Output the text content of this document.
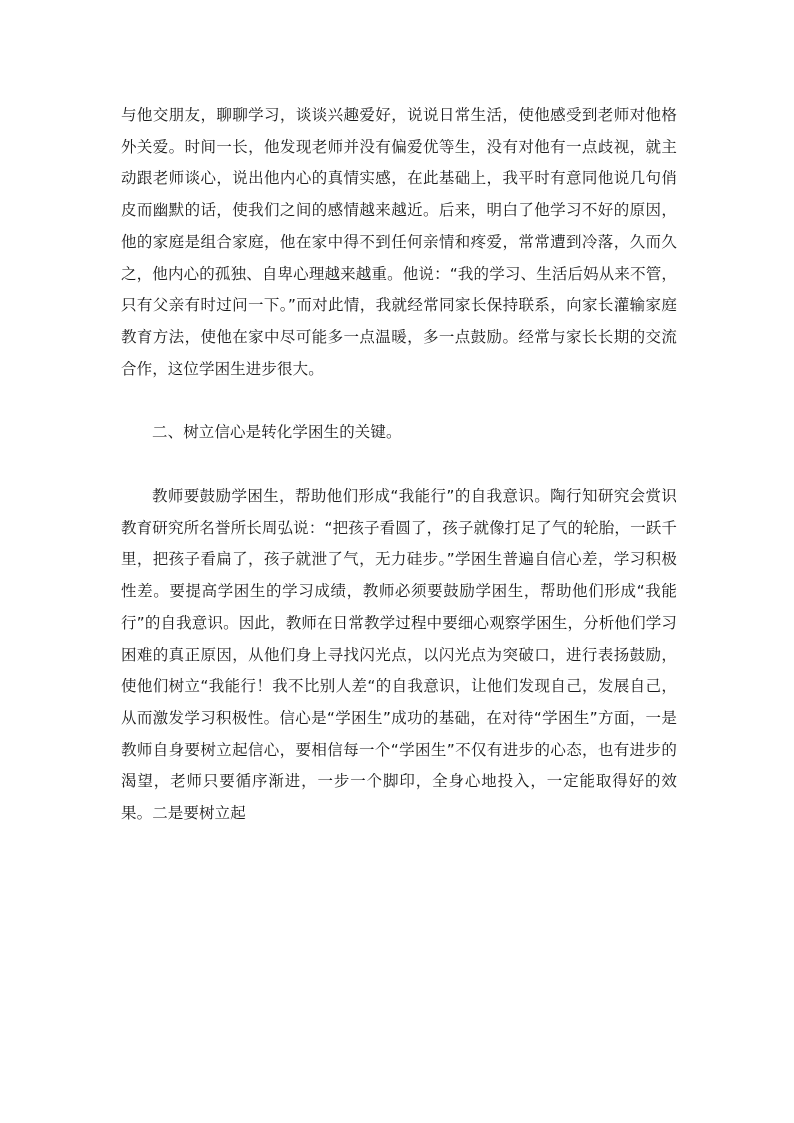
与他交朋友，聊聊学习，谈谈兴趣爱好，说说日常生活，使他感受到老师对他格外关爱。时间一长，他发现老师并没有偏爱优等生，没有对他有一点歧视，就主动跟老师谈心，说出他内心的真情实感，在此基础上，我平时有意同他说几句俏皮而幽默的话，使我们之间的感情越来越近。后来，明白了他学习不好的原因，他的家庭是组合家庭，他在家中得不到任何亲情和疼爱，常常遭到冷落，久而久之，他内心的孤独、自卑心理越来越重。他说：“我的学习、生活后妈从来不管，只有父亲有时过问一下。”而对此情，我就经常同家长保持联系，向家长灌输家庭教育方法，使他在家中尽可能多一点温暖，多一点鼓励。经常与家长长期的交流合作，这位学困生进步很大。

二、树立信心是转化学困生的关键。

教师要鼓励学困生，帮助他们形成“我能行”的自我意识。陶行知研究会赏识教育研究所名誉所长周弘说：“把孩子看圆了，孩子就像打足了气的轮胎，一跃千里，把孩子看扁了，孩子就泄了气，无力硅步。”学困生普遍自信心差，学习积极性差。要提高学困生的学习成绩，教师必须要鼓励学困生，帮助他们形成“我能行”的自我意识。因此，教师在日常教学过程中要细心观察学困生，分析他们学习困难的真正原因，从他们身上寻找闪光点，以闪光点为突破口，进行表扬鼓励，使他们树立“我能行！我不比别人差“的自我意识，让他们发现自己，发展自己，从而激发学习积极性。信心是“学困生”成功的基础，在对待“学困生”方面，一是教师自身要树立起信心，要相信每一个“学困生”不仅有进步的心态，也有进步的渴望，老师只要循序渐进，一步一个脚印，全身心地投入，一定能取得好的效果。二是要树立起
